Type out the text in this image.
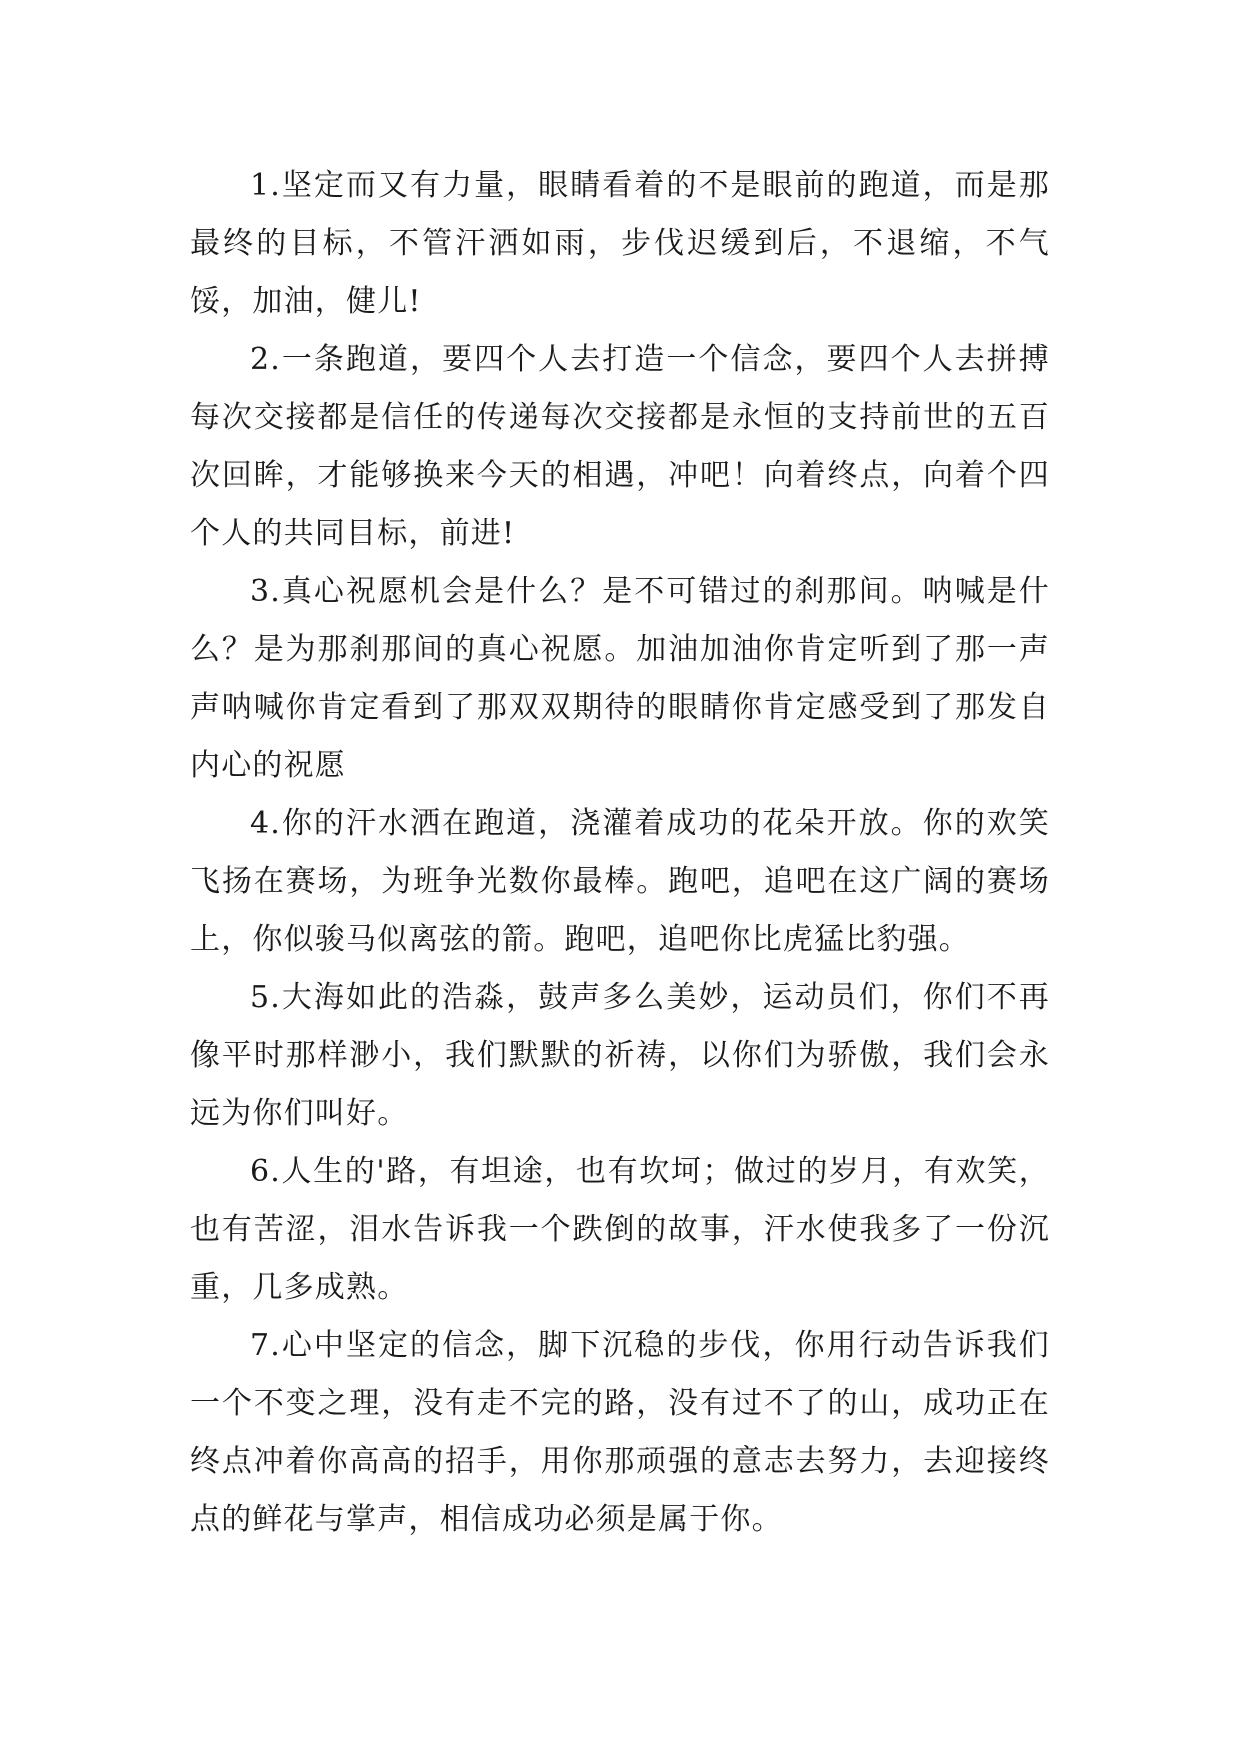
1.坚定而又有力量，眼睛看着的不是眼前的跑道，而是那最终的目标，不管汗洒如雨，步伐迟缓到后，不退缩，不气馁，加油，健儿!

2.一条跑道，要四个人去打造一个信念，要四个人去拼搏每次交接都是信任的传递每次交接都是永恒的支持前世的五百次回眸，才能够换来今天的相遇，冲吧！向着终点，向着个四个人的共同目标，前进!

3.真心祝愿机会是什么？是不可错过的刹那间。呐喊是什么？是为那刹那间的真心祝愿。加油加油你肯定听到了那一声声呐喊你肯定看到了那双双期待的眼睛你肯定感受到了那发自内心的祝愿

4.你的汗水洒在跑道，浇灌着成功的花朵开放。你的欢笑飞扬在赛场，为班争光数你最棒。跑吧，追吧在这广阔的赛场上，你似骏马似离弦的箭。跑吧，追吧你比虎猛比豹强。

5.大海如此的浩淼，鼓声多么美妙，运动员们，你们不再像平时那样渺小，我们默默的祈祷，以你们为骄傲，我们会永远为你们叫好。

6.人生的'路，有坦途，也有坎坷；做过的岁月，有欢笑，也有苦涩，泪水告诉我一个跌倒的故事，汗水使我多了一份沉重，几多成熟。

7.心中坚定的信念，脚下沉稳的步伐，你用行动告诉我们一个不变之理，没有走不完的路，没有过不了的山，成功正在终点冲着你高高的招手，用你那顽强的意志去努力，去迎接终点的鲜花与掌声，相信成功必须是属于你。
